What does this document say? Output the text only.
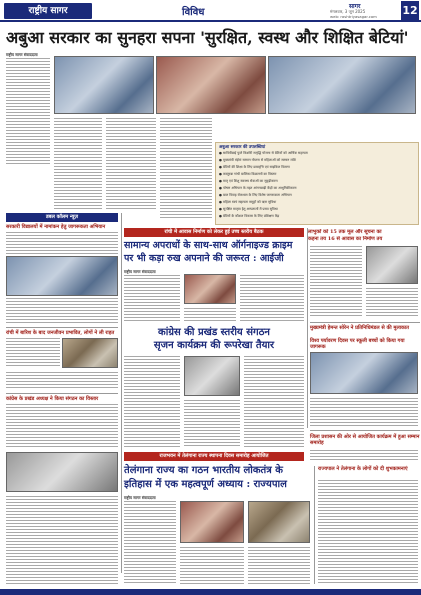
राष्ट्रीय सागर	विविध
सागर
मंगलवार, 3 जून 2025
web: rashtriyasagar.com 12
अबुआ सरकार का सुनहरा सपना 'सुरक्षित, स्वस्थ और शिक्षित बेटियां'
राष्ट्रीय सागर संवाददाता
अबुआ सरकार की उपलब्धियां
● सावित्रीबाई फुले किशोरी समृद्धि योजना से बेटियों को आर्थिक सहायता
● मुख्यमंत्री मंईयां सम्मान योजना से महिलाओं को सम्मान राशि
● बेटियों की शिक्षा के लिए छात्रवृत्ति एवं साइकिल वितरण
● कस्तूरबा गांधी बालिका विद्यालयों का विस्तार
● मातृ एवं शिशु स्वास्थ्य सेवाओं का सुदृढ़ीकरण
● पोषण अभियान के तहत आंगनबाड़ी केंद्रों का आधुनिकीकरण
● बाल विवाह रोकथाम के लिए विशेष जागरूकता अभियान
● महिला स्वयं सहायता समूहों को ऋण सुविधा
● सुरक्षित मातृत्व हेतु अस्पतालों में प्रसव सुविधा
● बेटियों के कौशल विकास के लिए प्रशिक्षण केंद्र
डबल कॉलम न्यूज़
सरकारी विद्यालयों में नामांकन हेतु जागरूकता अभियान
रांची में आवास निर्माण को लेकर हुई उच्च स्तरीय बैठक
सामान्य अपराधों के साथ-साथ ऑर्गनाइज्ड क्राइम
पर भी कड़ा रुख अपनाने की जरूरत : आईजी
राष्ट्रीय सागर संवाददाता
कांग्रेस की प्रखंड स्तरीय संगठन
सृजन कार्यक्रम की रूपरेखा तैयार
रांची में बारिश के बाद जनजीवन प्रभावित, लोगों ने ली राहत
कांग्रेस के प्रखंड अध्यक्ष ने किया संगठन का विस्तार
लाभुकों को 15 तक मूल और सूचना का
कहना तय 16 से आवास का निर्माण तय
मुख्यमंत्री हेमन्त सोरेन ने प्रतिनिधिमंडल से की मुलाकात
विश्व पर्यावरण दिवस पर स्कूली बच्चों को किया गया जागरूक
जिला प्रशासन की ओर से आयोजित कार्यक्रम में हुआ सम्मान समारोह
राजभवन में तेलंगाना राज्य स्थापना दिवस समारोह आयोजित
तेलंगाना राज्य का गठन भारतीय लोकतंत्र के
इतिहास में एक महत्वपूर्ण अध्याय : राज्यपाल
राष्ट्रीय सागर संवाददाता
राज्यपाल ने तेलंगाना के लोगों को दी शुभकामनाएं
